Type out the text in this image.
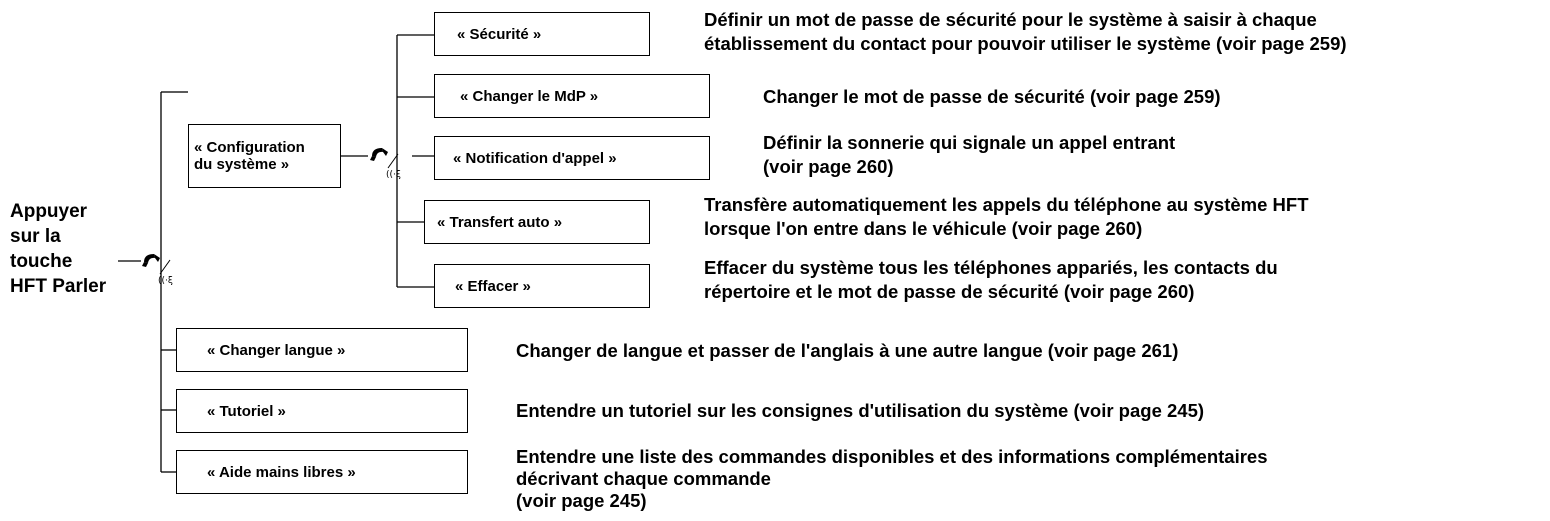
Appuyer
sur la
touche
HFT Parler	((·ξ
((·ξ
« Configuration
du système »
« Sécurité »
« Changer le MdP »
« Notification d'appel »
« Transfert auto »
« Effacer »
« Changer langue »
« Tutoriel »
« Aide mains libres »
Définir un mot de passe de sécurité pour le système à saisir à chaque
établissement du contact pour pouvoir utiliser le système (voir page 259)
Changer le mot de passe de sécurité (voir page 259)
Définir la sonnerie qui signale un appel entrant
(voir page 260)
Transfère automatiquement les appels du téléphone au système HFT
lorsque l'on entre dans le véhicule (voir page 260)
Effacer du système tous les téléphones appariés, les contacts du
répertoire et le mot de passe de sécurité (voir page 260)
Changer de langue et passer de l'anglais à une autre langue (voir page 261)
Entendre un tutoriel sur les consignes d'utilisation du système (voir page 245)
Entendre une liste des commandes disponibles et des informations complémentaires
décrivant chaque commande
(voir page 245)
